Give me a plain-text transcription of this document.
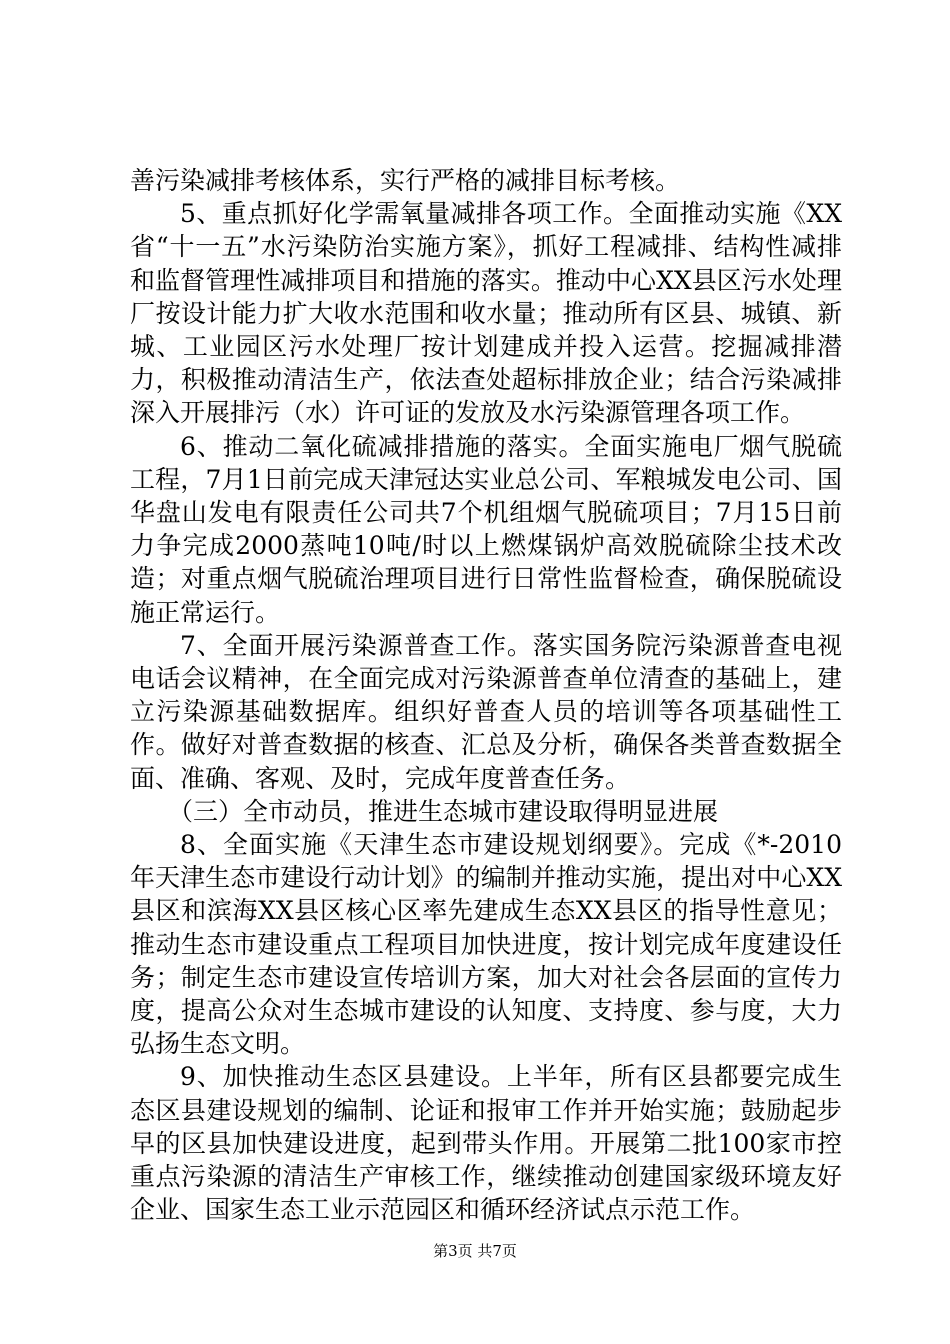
善污染减排考核体系，实行严格的减排目标考核。

5、重点抓好化学需氧量减排各项工作。全面推动实施《XX省“十一五”水污染防治实施方案》，抓好工程减排、结构性减排和监督管理性减排项目和措施的落实。推动中心XX县区污水处理厂按设计能力扩大收水范围和收水量；推动所有区县、城镇、新城、工业园区污水处理厂按计划建成并投入运营。挖掘减排潜力，积极推动清洁生产，依法查处超标排放企业；结合污染减排深入开展排污（水）许可证的发放及水污染源管理各项工作。

6、推动二氧化硫减排措施的落实。全面实施电厂烟气脱硫工程，7月1日前完成天津冠达实业总公司、军粮城发电公司、国华盘山发电有限责任公司共7个机组烟气脱硫项目；7月15日前力争完成2000蒸吨10吨/时以上燃煤锅炉高效脱硫除尘技术改造；对重点烟气脱硫治理项目进行日常性监督检查，确保脱硫设施正常运行。

7、全面开展污染源普查工作。落实国务院污染源普查电视电话会议精神，在全面完成对污染源普查单位清查的基础上，建立污染源基础数据库。组织好普查人员的培训等各项基础性工作。做好对普查数据的核查、汇总及分析，确保各类普查数据全面、准确、客观、及时，完成年度普查任务。

（三）全市动员，推进生态城市建设取得明显进展

8、全面实施《天津生态市建设规划纲要》。完成《*-2010年天津生态市建设行动计划》的编制并推动实施，提出对中心XX县区和滨海XX县区核心区率先建成生态XX县区的指导性意见；推动生态市建设重点工程项目加快进度，按计划完成年度建设任务；制定生态市建设宣传培训方案，加大对社会各层面的宣传力度，提高公众对生态城市建设的认知度、支持度、参与度，大力弘扬生态文明。

9、加快推动生态区县建设。上半年，所有区县都要完成生态区县建设规划的编制、论证和报审工作并开始实施；鼓励起步早的区县加快建设进度，起到带头作用。开展第二批100家市控重点污染源的清洁生产审核工作，继续推动创建国家级环境友好企业、国家生态工业示范园区和循环经济试点示范工作。

第3页 共7页
